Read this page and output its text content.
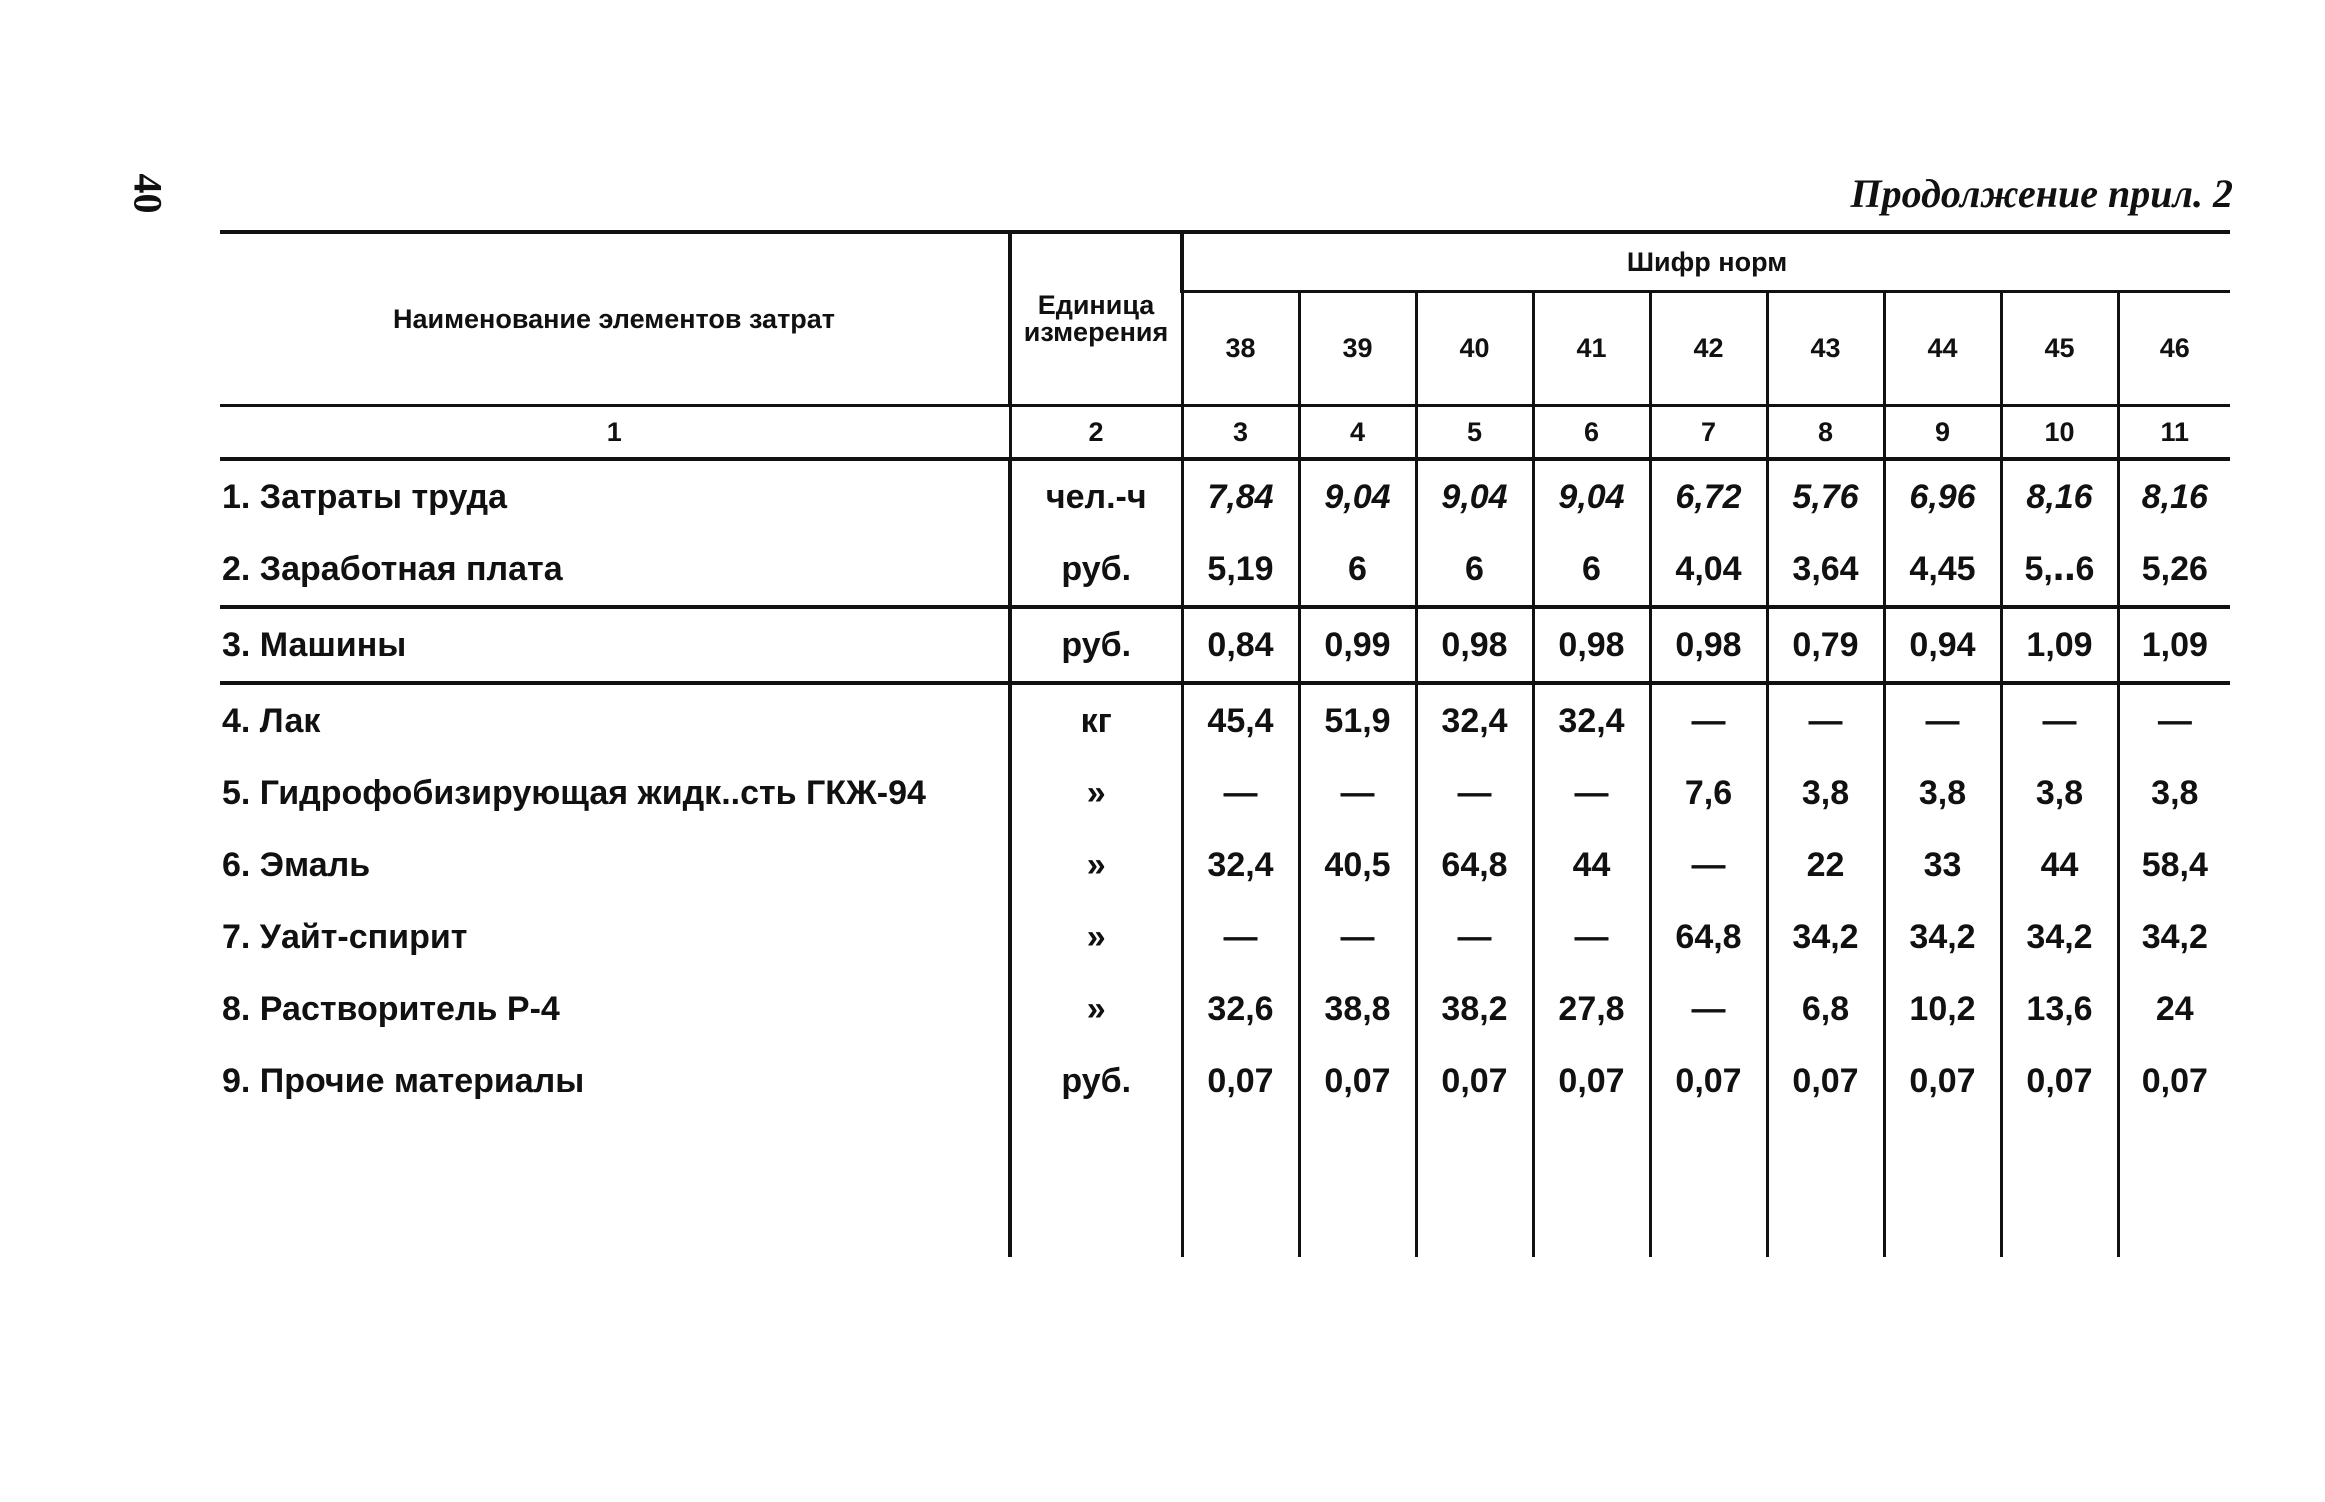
40	Продолжение прил. 2
Наименование элементов затрат	Единица измерения	Шифр норм								
		38	39	40	41	42	43	44	45	46
1	2	3	4	5	6	7	8	9	10	11
1. Затраты труда	чел.-ч	7,84	9,04	9,04	9,04	6,72	5,76	6,96	8,16	8,16
2. Заработная плата	руб.	5,19	6	6	6	4,04	3,64	4,45	5,‥6	5,26
3. Машины	руб.	0,84	0,99	0,98	0,98	0,98	0,79	0,94	1,09	1,09
4. Лак	кг	45,4	51,9	32,4	32,4	—	—	—	—	—
5. Гидрофобизирующая жидк..сть ГКЖ-94	»	—	—	—	—	7,6	3,8	3,8	3,8	3,8
6. Эмаль	»	32,4	40,5	64,8	44	—	22	33	44	58,4
7. Уайт-спирит	»	—	—	—	—	64,8	34,2	34,2	34,2	34,2
8. Растворитель Р-4	»	32,6	38,8	38,2	27,8	—	6,8	10,2	13,6	24
9. Прочие материалы	руб.	0,07	0,07	0,07	0,07	0,07	0,07	0,07	0,07	0,07
